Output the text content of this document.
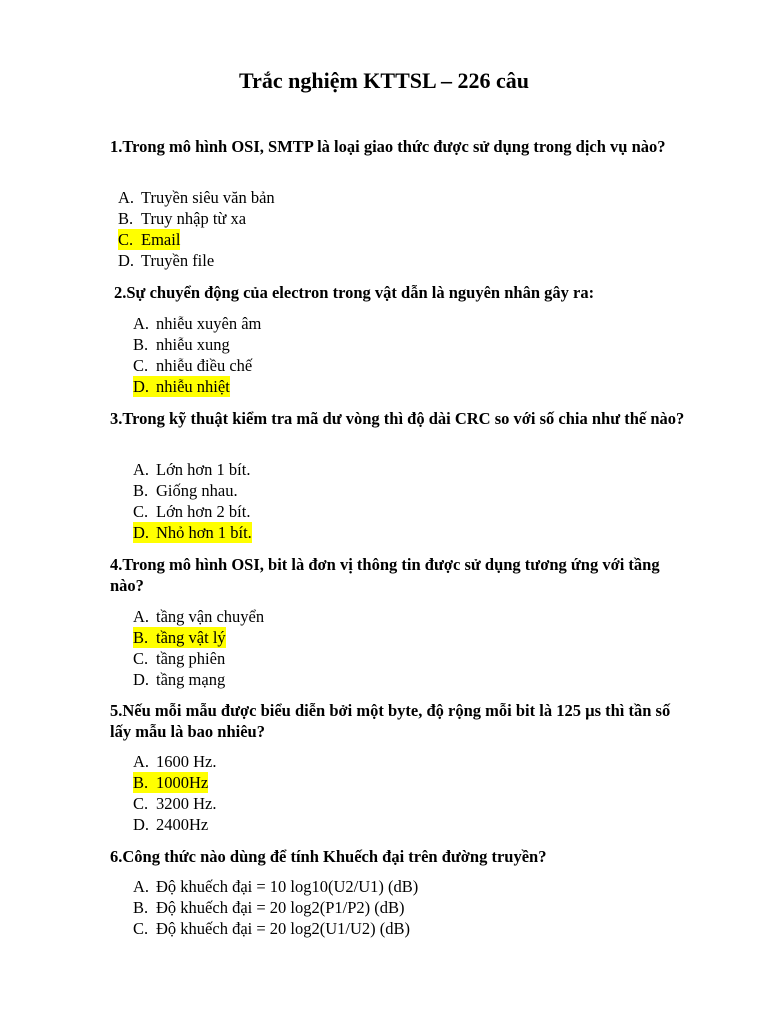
Trắc nghiệm KTTSL – 226 câu
1.Trong mô hình OSI, SMTP là loại giao thức được sử dụng trong dịch vụ nào?
A. Truyền siêu văn bản
B. Truy nhập từ xa
C. Email
D. Truyền file
2.Sự chuyển động của electron trong vật dẫn là nguyên nhân gây ra:
A. nhiễu xuyên âm
B. nhiễu xung
C. nhiễu điều chế
D. nhiễu nhiệt
3.Trong kỹ thuật kiểm tra mã dư vòng thì độ dài CRC so với số chia như thế nào?
A. Lớn hơn 1 bít.
B. Giống nhau.
C. Lớn hơn 2 bít.
D. Nhỏ hơn 1 bít.
4.Trong mô hình OSI, bit là đơn vị thông tin được sử dụng tương ứng với tầng nào?
A. tầng vận chuyển
B. tầng vật lý
C. tầng phiên
D. tầng mạng
5.Nếu mỗi mẫu được biểu diễn bởi một byte, độ rộng mỗi bit là 125 µs thì tần số lấy mẫu là bao nhiêu?
A. 1600 Hz.
B. 1000Hz
C. 3200 Hz.
D. 2400Hz
6.Công thức nào dùng để tính Khuếch đại trên đường truyền?
A. Độ khuếch đại = 10 log10(U2/U1) (dB)
B. Độ khuếch đại = 20 log2(P1/P2) (dB)
C. Độ khuếch đại = 20 log2(U1/U2) (dB)
